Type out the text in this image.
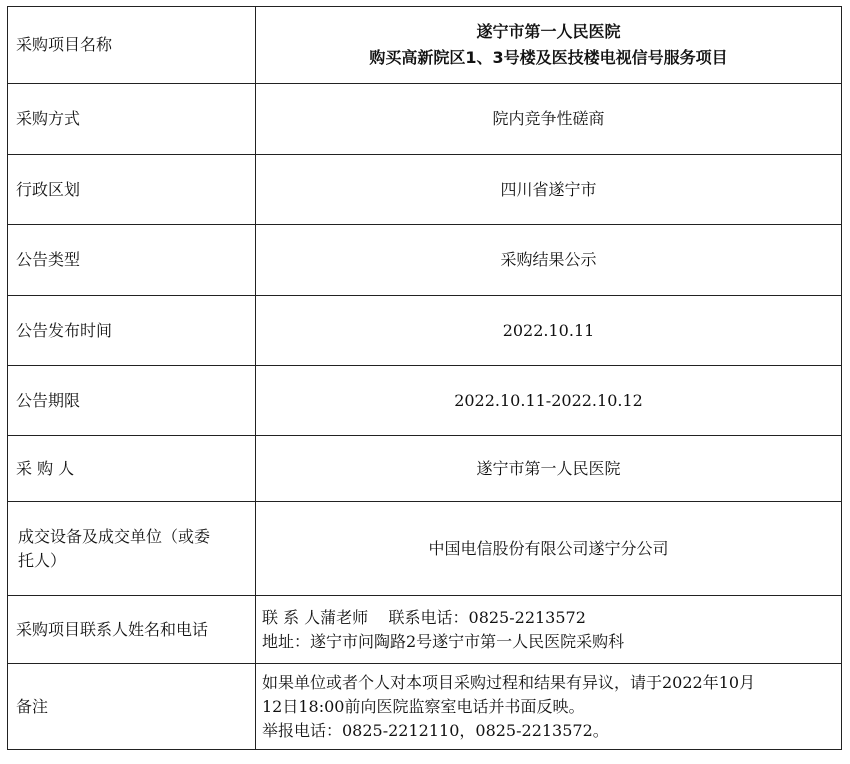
采购项目名称	遂宁市第一人民医院
购买高新院区1、3号楼及医技楼电视信号服务项目

采购方式	院内竞争性磋商
行政区划	四川省遂宁市
公告类型	采购结果公示
公告发布时间	2022.10.11
公告期限	2022.10.11-2022.10.12
采 购 人	遂宁市第一人民医院

成交设备及成交单位（或委
托人）	中国电信股份有限公司遂宁分公司
采购项目联系人姓名和电话	联 系 人蒲老师    联系电话：0825-2213572
地址：遂宁市问陶路2号遂宁市第一人民医院采购科

备注	如果单位或者个人对本项目采购过程和结果有异议，请于2022年10月
12日18:00前向医院监察室电话并书面反映。
举报电话：0825-2212110，0825-2213572。
